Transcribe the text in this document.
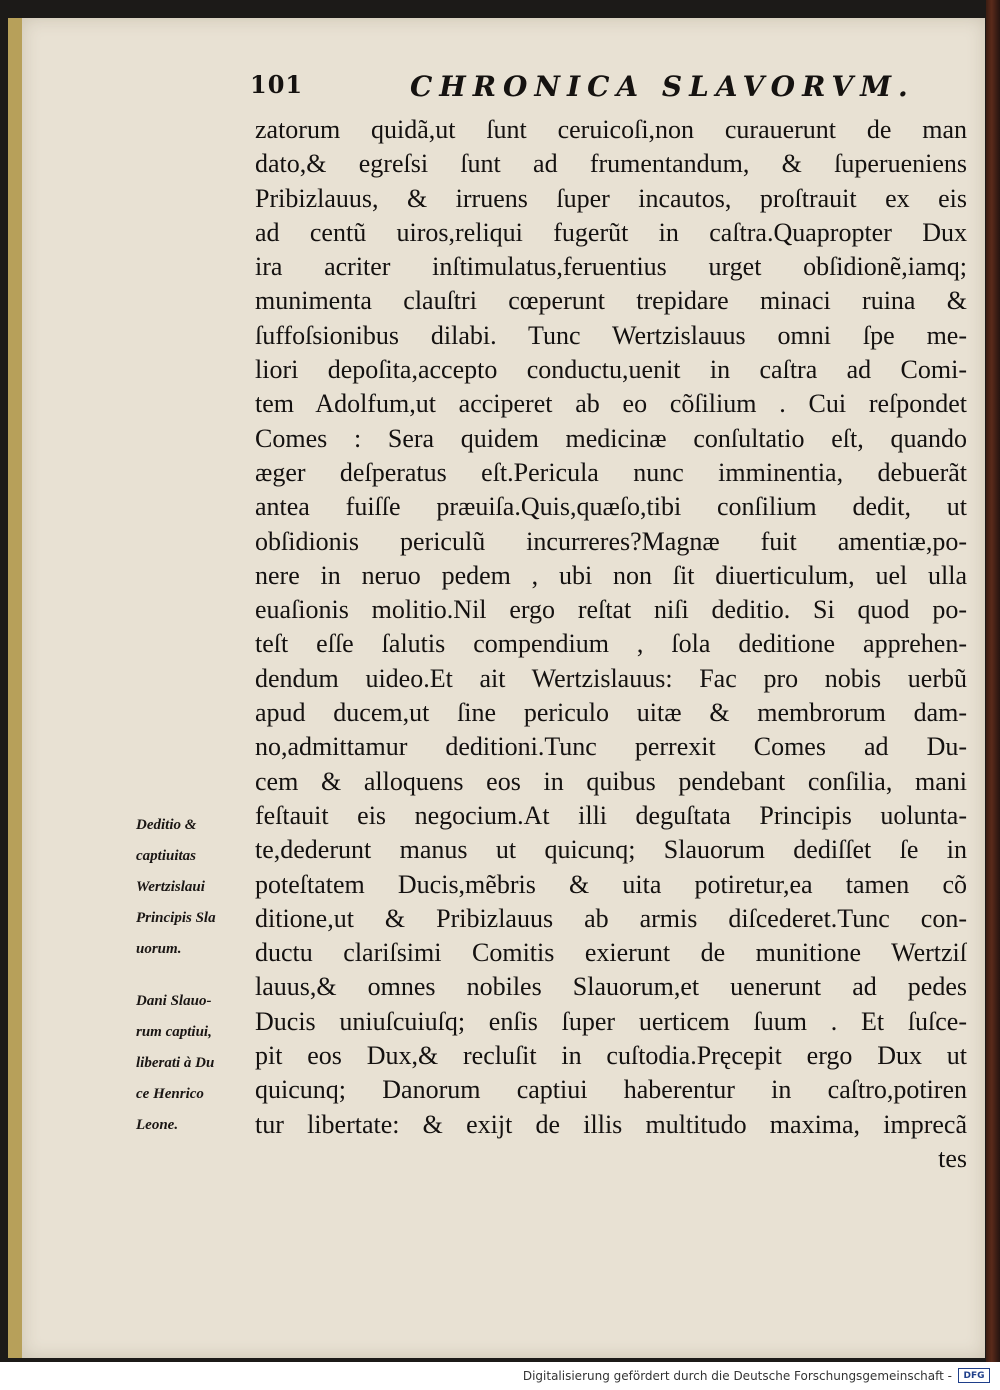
101	CHRONICA SLAVORVM.
Deditio &
captiuitas
Wertzislaui
Principis Sla
uorum.
Dani Slauo-
rum captiui,
liberati à Du
ce Henrico
Leone.
zatorum quidã,ut ſunt ceruicoſi,non curauerunt de man
dato,& egreſsi ſunt ad frumentandum, & ſuperueniens
Pribizlauus, & irruens ſuper incautos, proſtrauit ex eis
ad centũ uiros,reliqui fugerũt in caſtra.Quapropter Dux
ira acriter inſtimulatus,feruentius urget obſidionẽ,iamq;
munimenta clauſtri cœperunt trepidare minaci ruina &
ſuffoſsionibus dilabi. Tunc Wertzislauus omni ſpe me-
liori depoſita,accepto conductu,uenit in caſtra ad Comi-
tem Adolfum,ut acciperet ab eo cõſilium . Cui reſpondet
Comes : Sera quidem medicinæ conſultatio eſt, quando
æger deſperatus eſt.Pericula nunc imminentia, debuerãt
antea fuiſſe præuiſa.Quis,quæſo,tibi conſilium dedit, ut
obſidionis periculũ incurreres?Magnæ fuit amentiæ,po-
nere in neruo pedem , ubi non ſit diuerticulum, uel ulla
euaſionis molitio.Nil ergo reſtat niſi deditio. Si quod po-
teſt eſſe ſalutis compendium , ſola deditione apprehen-
dendum uideo.Et ait Wertzislauus: Fac pro nobis uerbũ
apud ducem,ut ſine periculo uitæ & membrorum dam-
no,admittamur deditioni.Tunc perrexit Comes ad Du-
cem & alloquens eos in quibus pendebant conſilia, mani
feſtauit eis negocium.At illi deguſtata Principis uolunta-
te,dederunt manus ut quicunq; Slauorum dediſſet ſe in
poteſtatem Ducis,mẽbris & uita potiretur,ea tamen cõ
ditione,ut & Pribizlauus ab armis diſcederet.Tunc con-
ductu clariſsimi Comitis exierunt de munitione Wertziſ
lauus,& omnes nobiles Slauorum,et uenerunt ad pedes
Ducis uniuſcuiuſq; enſis ſuper uerticem ſuum . Et ſuſce-
pit eos Dux,& recluſit in cuſtodia.Pręcepit ergo Dux ut
quicunq; Danorum captiui haberentur in caſtro,potiren
tur libertate: & exijt de illis multitudo maxima, imprecã
tes
Digitalisierung gefördert durch die Deutsche Forschungsgemeinschaft -	DFG
